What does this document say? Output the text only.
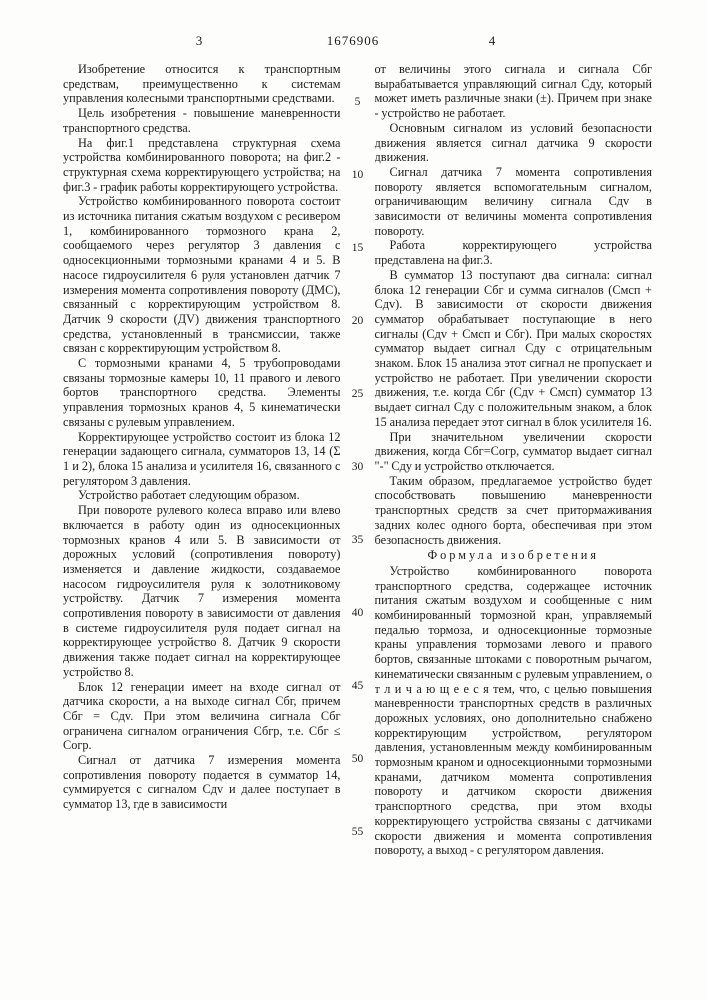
3	1676906	4

Изобретение относится к транспортным средствам, преимущественно к системам управления колесными транспортными средствами.

Цель изобретения - повышение маневренности транспортного средства.

На фиг.1 представлена структурная схема устройства комбинированного поворота; на фиг.2 - структурная схема корректирующего устройства; на фиг.3 - график работы корректирующего устройства.

Устройство комбинированного поворота состоит из источника питания сжатым воздухом с ресивером 1, комбинированного тормозного крана 2, сообщаемого через регулятор 3 давления с односекционными тормозными кранами 4 и 5. В насосе гидроусилителя 6 руля установлен датчик 7 измерения момента сопротивления повороту (ДМС), связанный с корректирующим устройством 8. Датчик 9 скорости (ДV) движения транспортного средства, установленный в трансмиссии, также связан с корректирующим устройством 8.

С тормозными кранами 4, 5 трубопроводами связаны тормозные камеры 10, 11 правого и левого бортов транспортного средства. Элементы управления тормозных кранов 4, 5 кинематически связаны с рулевым управлением.

Корректирующее устройство состоит из блока 12 генерации задающего сигнала, сумматоров 13, 14 (Σ 1 и 2), блока 15 анализа и усилителя 16, связанного с регулятором 3 давления.

Устройство работает следующим образом.

При повороте рулевого колеса вправо или влево включается в работу один из односекционных тормозных кранов 4 или 5. В зависимости от дорожных условий (сопротивления повороту) изменяется и давление жидкости, создаваемое насосом гидроусилителя руля к золотниковому устройству. Датчик 7 измерения момента сопротивления повороту в зависимости от давления в системе гидроусилителя руля подает сигнал на корректирующее устройство 8. Датчик 9 скорости движения также подает сигнал на корректирующее устройство 8.

Блок 12 генерации имеет на входе сигнал от датчика скорости, а на выходе сигнал Сбг, причем Сбг = Сдv. При этом величина сигнала Сбг ограничена сигналом ограничения Сбгр, т.е. Сбг ≤ Согр.

Сигнал от датчика 7 измерения момента сопротивления повороту подается в сумматор 14, суммируется с сигналом Сдv и далее поступает в сумматор 13, где в зависимости

5
10
15
20
25
30
35
40
45
50
55

от величины этого сигнала и сигнала Сбг вырабатывается управляющий сигнал Сду, который может иметь различные знаки (±). Причем при знаке - устройство не работает.

Основным сигналом из условий безопасности движения является сигнал датчика 9 скорости движения.

Сигнал датчика 7 момента сопротивления повороту является вспомогательным сигналом, ограничивающим величину сигнала Сдv в зависимости от величины момента сопротивления повороту.

Работа корректирующего устройства представлена на фиг.3.

В сумматор 13 поступают два сигнала: сигнал блока 12 генерации Сбг и сумма сигналов (Смсп + Сдv). В зависимости от скорости движения сумматор обрабатывает поступающие в него сигналы (Сдv + Смсп и Сбг). При малых скоростях сумматор выдает сигнал Сду с отрицательным знаком. Блок 15 анализа этот сигнал не пропускает и устройство не работает. При увеличении скорости движения, т.е. когда Сбг (Сдv + Смсп) сумматор 13 выдает сигнал Сду с положительным знаком, а блок 15 анализа передает этот сигнал в блок усилителя 16.

При значительном увеличении скорости движения, когда Сбг=Согр, сумматор выдает сигнал "-" Сду и устройство отключается.

Таким образом, предлагаемое устройство будет способствовать повышению маневренности транспортных средств за счет притормаживания задних колес одного борта, обеспечивая при этом безопасность движения.

Формула изобретения

Устройство комбинированного поворота транспортного средства, содержащее источник питания сжатым воздухом и сообщенные с ним комбинированный тормозной кран, управляемый педалью тормоза, и односекционные тормозные краны управления тормозами левого и правого бортов, связанные штоками с поворотным рычагом, кинематически связанным с рулевым управлением, о т л и ч а ю щ е е с я тем, что, с целью повышения маневренности транспортных средств в различных дорожных условиях, оно дополнительно снабжено корректирующим устройством, регулятором давления, установленным между комбинированным тормозным краном и односекционными тормозными кранами, датчиком момента сопротивления повороту и датчиком скорости движения транспортного средства, при этом входы корректирующего устройства связаны с датчиками скорости движения и момента сопротивления повороту, а выход - с регулятором давления.
